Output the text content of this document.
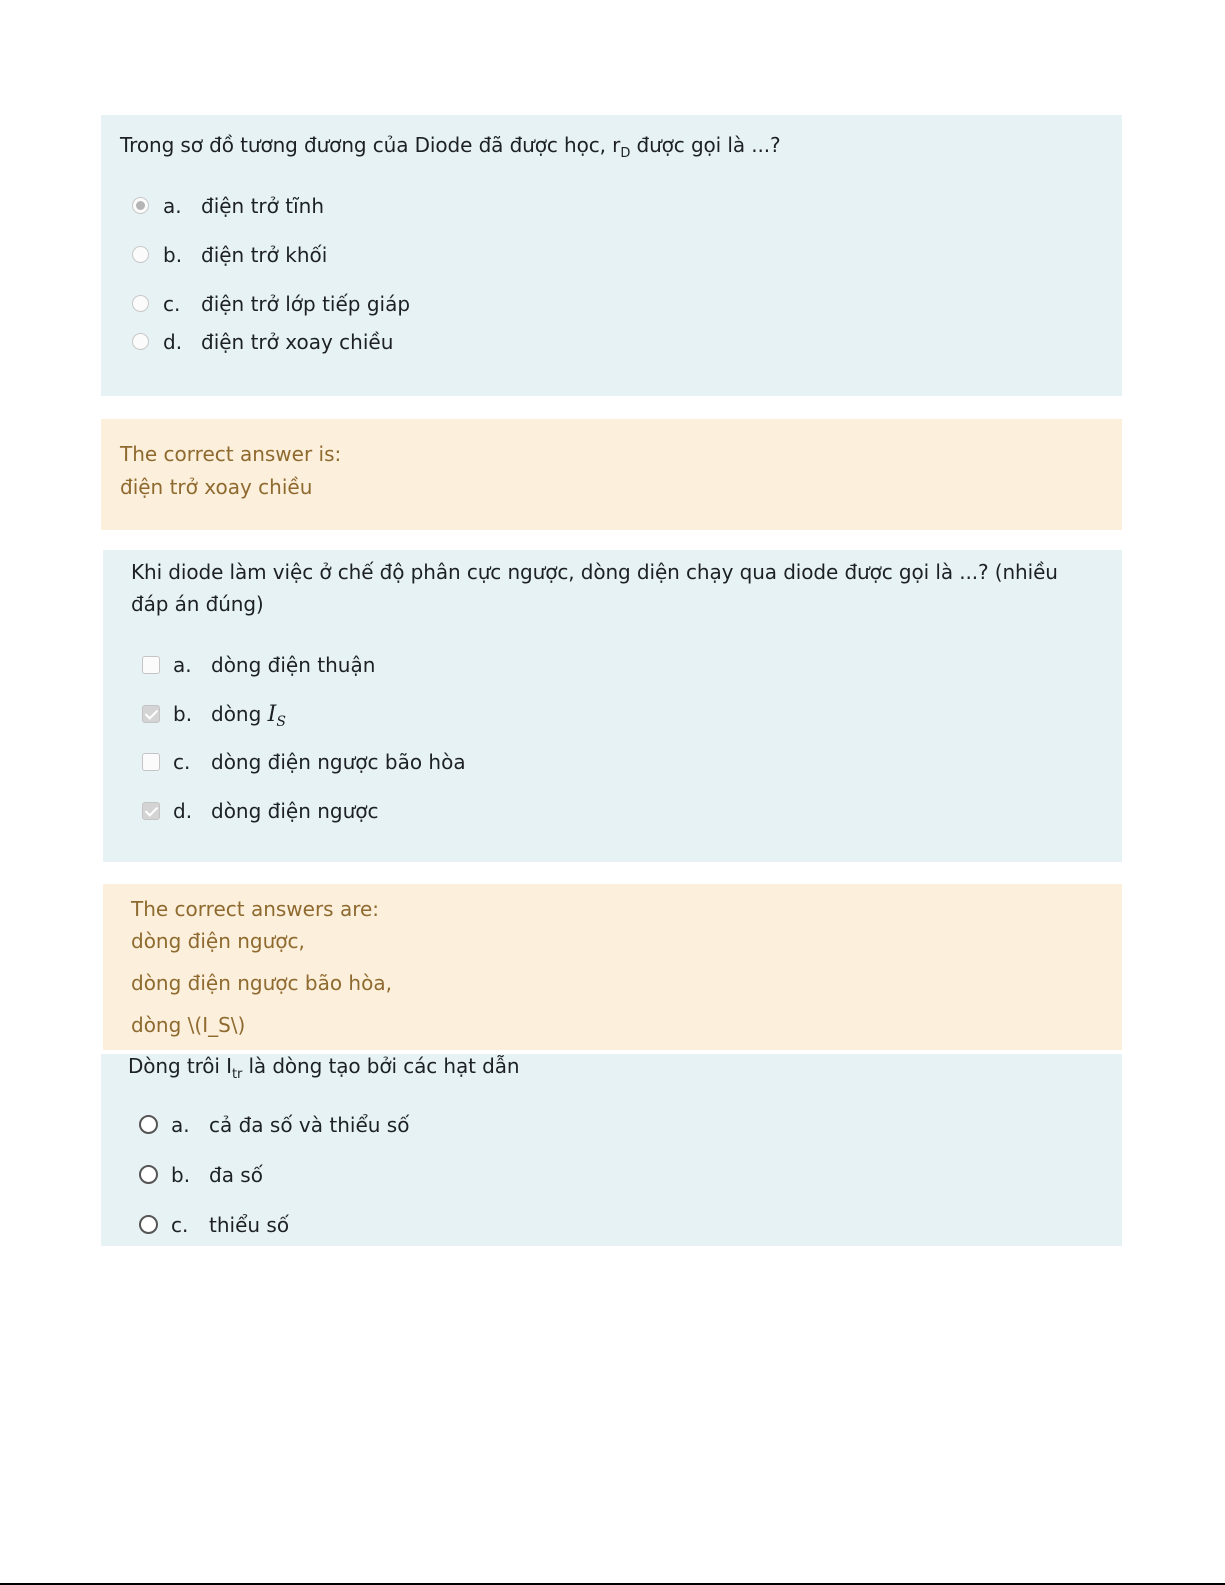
Trong sơ đồ tương đương của Diode đã được học, $r_D$ được gọi là ...?
a. điện trở tĩnh
b. điện trở khối
c.	điện trở lớp tiếp giáp
d. điện trở xoay chiều
The correct answer is:
điện trở xoay chiều
Khi diode làm việc ở chế độ phân cực ngược, dòng diện chạy qua diode được gọi là ...? (nhiều đáp án đúng)
a. dòng điện thuận
b. dòng $I_S$
c.	dòng điện ngược bão hòa
d. dòng điện ngược
The correct answers are:
dòng điện ngược,
dòng điện ngược bão hòa,
dòng \(I_S\)
Dòng trôi $I_{tr}$ là dòng tạo bởi các hạt dẫn
a. cả đa số và thiểu số
b. đa số
c.	thiểu số
